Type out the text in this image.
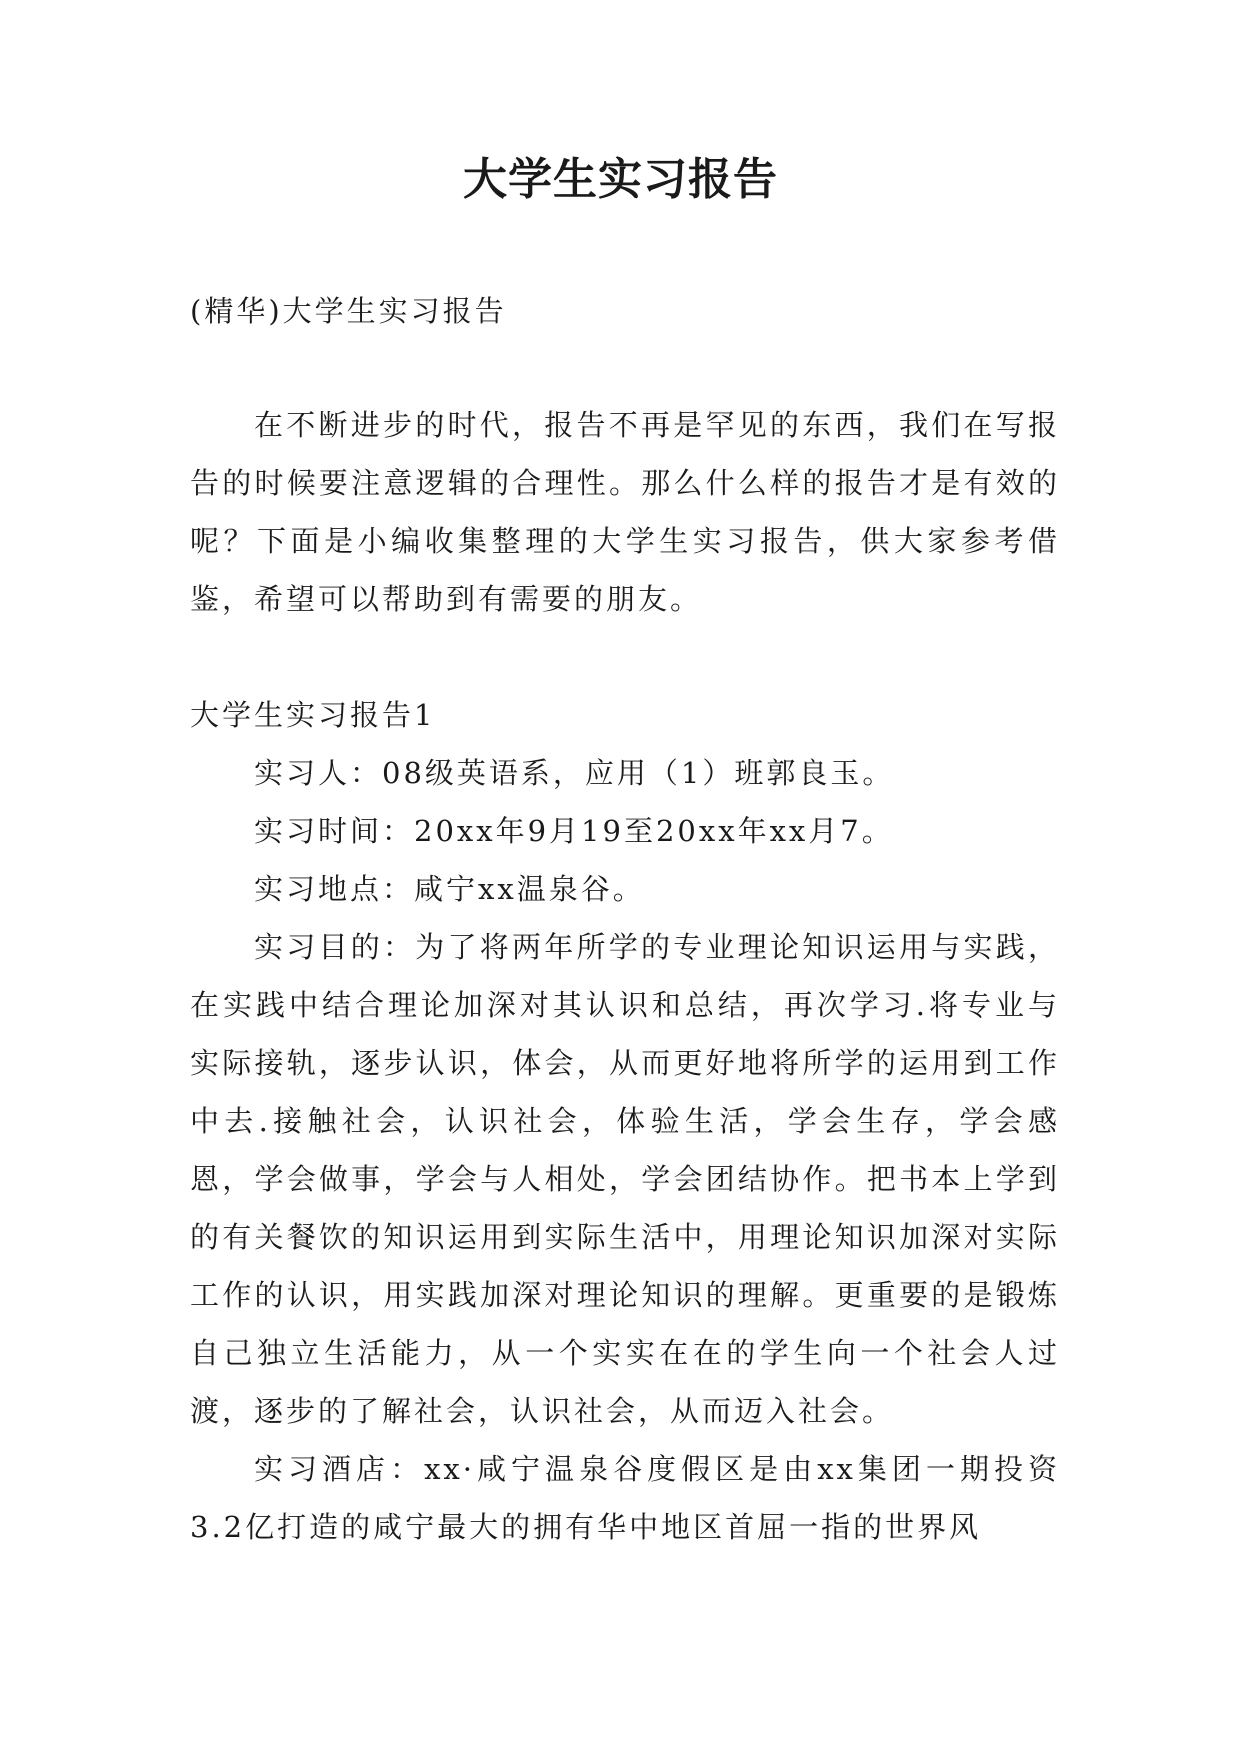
大学生实习报告

(精华)大学生实习报告

在不断进步的时代，报告不再是罕见的东西，我们在写报告的时候要注意逻辑的合理性。那么什么样的报告才是有效的呢？下面是小编收集整理的大学生实习报告，供大家参考借鉴，希望可以帮助到有需要的朋友。

大学生实习报告1

实习人：08级英语系，应用（1）班郭良玉。

实习时间：20xx年9月19至20xx年xx月7。

实习地点：咸宁xx温泉谷。

实习目的：为了将两年所学的专业理论知识运用与实践，在实践中结合理论加深对其认识和总结，再次学习.将专业与实际接轨，逐步认识，体会，从而更好地将所学的运用到工作中去.接触社会，认识社会，体验生活，学会生存，学会感恩，学会做事，学会与人相处，学会团结协作。把书本上学到的有关餐饮的知识运用到实际生活中，用理论知识加深对实际工作的认识，用实践加深对理论知识的理解。更重要的是锻炼自己独立生活能力，从一个实实在在的学生向一个社会人过渡，逐步的了解社会，认识社会，从而迈入社会。

实习酒店：xx·咸宁温泉谷度假区是由xx集团一期投资3.2亿打造的咸宁最大的拥有华中地区首屈一指的世界风
